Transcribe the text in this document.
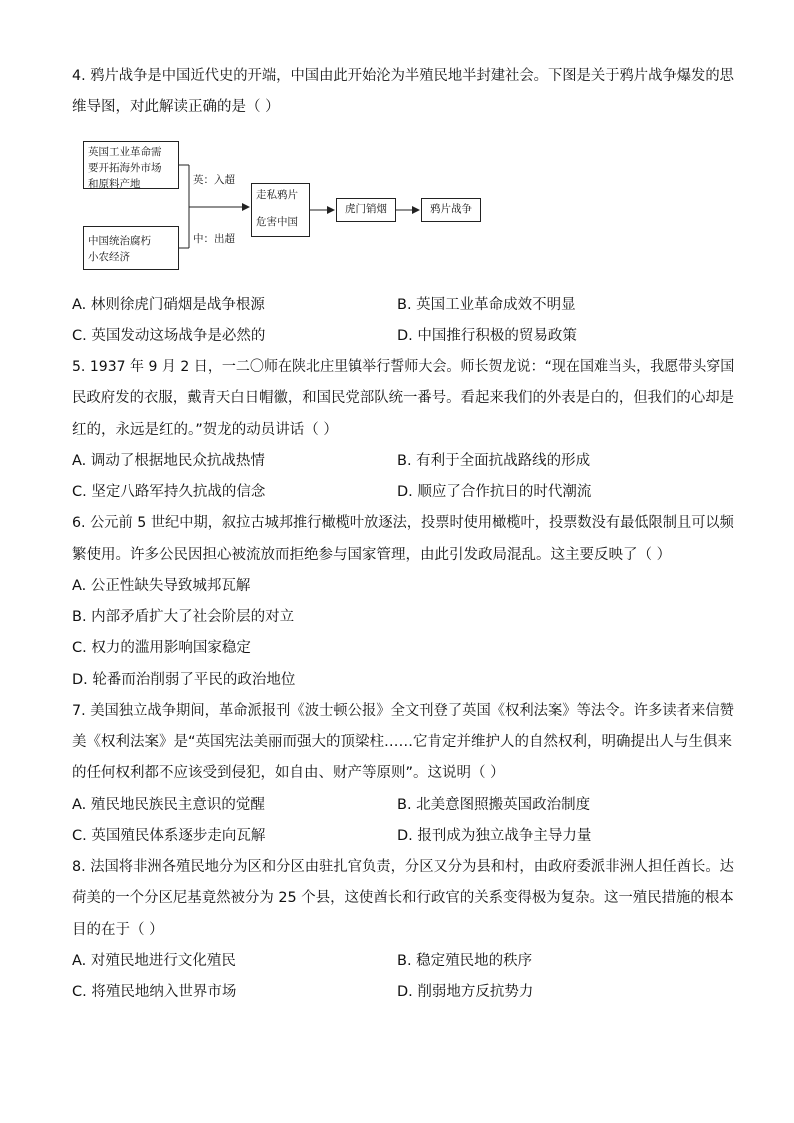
4. 鸦片战争是中国近代史的开端，中国由此开始沦为半殖民地半封建社会。下图是关于鸦片战争爆发的思
维导图，对此解读正确的是（ ）
英国工业革命需
要开拓海外市场
和原料产地
中国统治腐朽
小农经济
英：入超
中：出超
走私鸦片
危害中国
虎门销烟	鸦片战争
A. 林则徐虎门硝烟是战争根源	B. 英国工业革命成效不明显
C. 英国发动这场战争是必然的	D. 中国推行积极的贸易政策
5. 1937 年 9 月 2 日，一二〇师在陕北庄里镇举行誓师大会。师长贺龙说：“现在国难当头，我愿带头穿国
民政府发的衣服，戴青天白日帽徽，和国民党部队统一番号。看起来我们的外表是白的，但我们的心却是
红的，永远是红的。”贺龙的动员讲话（ ）
A. 调动了根据地民众抗战热情	B. 有利于全面抗战路线的形成
C. 坚定八路军持久抗战的信念	D. 顺应了合作抗日的时代潮流
6. 公元前 5 世纪中期，叙拉古城邦推行橄榄叶放逐法，投票时使用橄榄叶，投票数没有最低限制且可以频
繁使用。许多公民因担心被流放而拒绝参与国家管理，由此引发政局混乱。这主要反映了（ ）
A. 公正性缺失导致城邦瓦解
B. 内部矛盾扩大了社会阶层的对立
C. 权力的滥用影响国家稳定
D. 轮番而治削弱了平民的政治地位
7. 美国独立战争期间，革命派报刊《波士顿公报》全文刊登了英国《权利法案》等法令。许多读者来信赞
美《权利法案》是“英国宪法美丽而强大的顶梁柱……它肯定并维护人的自然权利，明确提出人与生俱来
的任何权利都不应该受到侵犯，如自由、财产等原则”。这说明（ ）
A. 殖民地民族民主意识的觉醒	B. 北美意图照搬英国政治制度
C. 英国殖民体系逐步走向瓦解	D. 报刊成为独立战争主导力量
8. 法国将非洲各殖民地分为区和分区由驻扎官负责，分区又分为县和村，由政府委派非洲人担任酋长。达
荷美的一个分区尼基竟然被分为 25 个县，这使酋长和行政官的关系变得极为复杂。这一殖民措施的根本
目的在于（ ）
A. 对殖民地进行文化殖民	B. 稳定殖民地的秩序
C. 将殖民地纳入世界市场	D. 削弱地方反抗势力
